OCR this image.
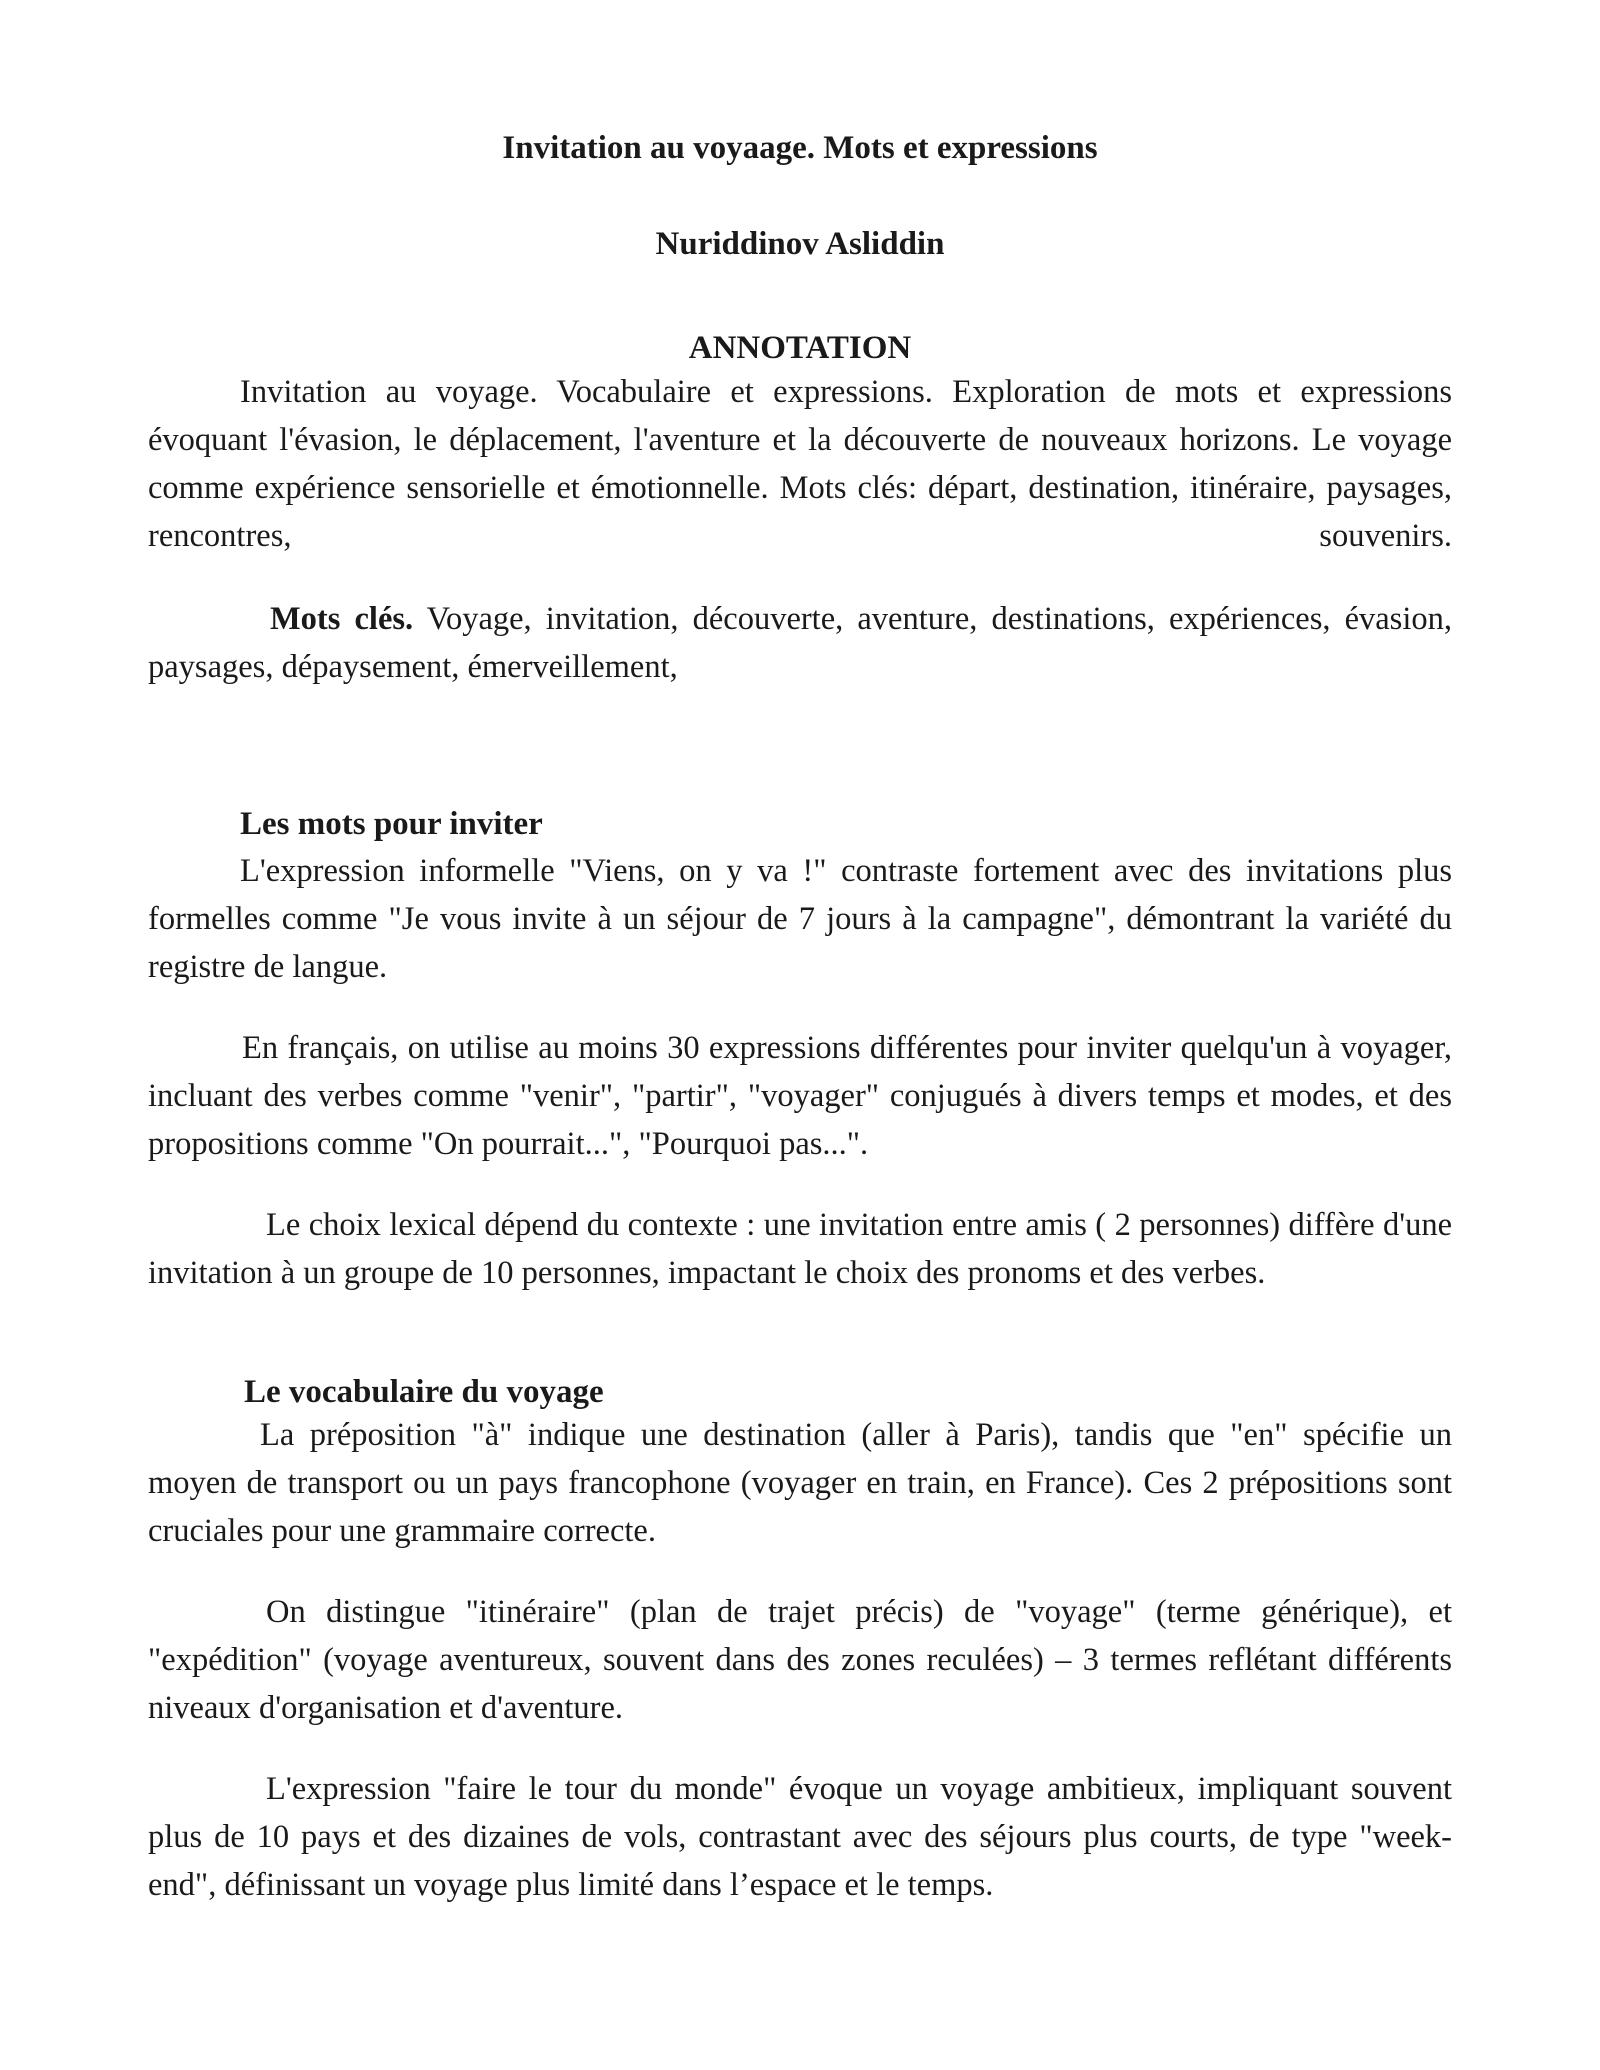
Invitation au voyaage. Mots et expressions
Nuriddinov Asliddin
ANNOTATION

Invitation au voyage. Vocabulaire et expressions. Exploration de mots et expressions évoquant l'évasion, le déplacement, l'aventure et la découverte de nouveaux horizons. Le voyage comme expérience sensorielle et émotionnelle. Mots clés: départ, destination, itinéraire, paysages, rencontres, souvenirs.

Mots clés. Voyage, invitation, découverte, aventure, destinations, expériences, évasion, paysages, dépaysement, émerveillement,

Les mots pour inviter

L'expression informelle "Viens, on y va !" contraste fortement avec des invitations plus formelles comme "Je vous invite à un séjour de 7 jours à la campagne", démontrant la variété du registre de langue.

En français, on utilise au moins 30 expressions différentes pour inviter quelqu'un à voyager, incluant des verbes comme "venir", "partir", "voyager" conjugués à divers temps et modes, et des propositions comme "On pourrait...", "Pourquoi pas...".

Le choix lexical dépend du contexte : une invitation entre amis ( 2 personnes) diffère d'une invitation à un groupe de 10 personnes, impactant le choix des pronoms et des verbes.

Le vocabulaire du voyage

La préposition "à" indique une destination (aller à Paris), tandis que "en" spécifie un moyen de transport ou un pays francophone (voyager en train, en France). Ces 2 prépositions sont cruciales pour une grammaire correcte.

On distingue "itinéraire" (plan de trajet précis) de "voyage" (terme générique), et "expédition" (voyage aventureux, souvent dans des zones reculées) – 3 termes reflétant différents niveaux d'organisation et d'aventure.

L'expression "faire le tour du monde" évoque un voyage ambitieux, impliquant souvent plus de 10 pays et des dizaines de vols, contrastant avec des séjours plus courts, de type "week-end", définissant un voyage plus limité dans l’espace et le temps.
